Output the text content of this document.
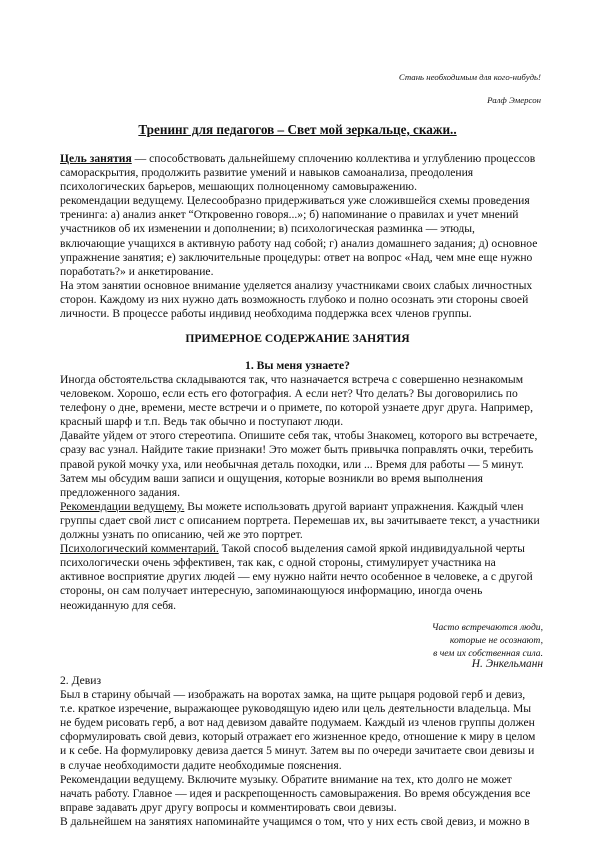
Стань необходимым для кого-нибудь!
Ралф Эмерсон
Тренинг для педагогов – Свет мой зеркальце, скажи..

Цель занятия — способствовать дальнейшему сплочению коллектива и углублению процессов самораскрытия, продолжить развитие умений и навыков самоанализа, преодоления психологических барьеров, мешающих полноценному самовыражению.

рекомендации ведущему. Целесообразно придерживаться уже сложившейся схемы проведения тренинга: а) анализ анкет “Откровенно говоря...»; б) напоминание о правилах и учет мнений участников об их изменении и дополнении; в) психологическая разминка — этюды, включающие учащихся в активную работу над собой; г) анализ домашнего задания; д) основное упражнение занятия; е) заключительные процедуры: ответ на вопрос «Над, чем мне еще нужно поработать?» и анкетирование.

На этом занятии основное внимание уделяется анализу участниками своих слабых личностных сторон. Каждому из них нужно дать возможность глубоко и полно осознать эти стороны своей личности. В процессе работы индивид необходима поддержка всех членов группы.

ПРИМЕРНОЕ СОДЕРЖАНИЕ ЗАНЯТИЯ
1. Вы меня узнаете?

Иногда обстоятельства складываются так, что назначается встреча с совершенно незнакомым человеком. Хорошо, если есть его фотография. А если нет? Что делать? Вы договорились по телефону о дне, времени, месте встречи и о примете, по которой узнаете друг друга. Например, красный шарф и т.п. Ведь так обычно и поступают люди.

Давайте уйдем от этого стереотипа. Опишите себя так, чтобы Знакомец, которого вы встречаете, сразу вас узнал. Найдите такие признаки! Это может быть привычка поправлять очки, теребить правой рукой мочку уха, или необычная деталь походки, или ... Время для работы — 5 минут. Затем мы обсудим ваши записи и ощущения, которые возникли во время выполнения предложенного задания.

Рекомендации ведущему. Вы можете использовать другой вариант упражнения. Каждый член группы сдает свой лист с описанием портрета. Перемешав их, вы зачитываете текст, а участники должны узнать по описанию, чей же это портрет.

Психологический комментарий. Такой способ выделения самой яркой индивидуальной черты психологически очень эффективен, так как, с одной стороны, стимулирует участника на активное восприятие других людей — ему нужно найти нечто особенное в человеке, а с другой стороны, он сам получает интересную, запоминающуюся информацию, иногда очень неожиданную для себя.

Часто встречаются люди,
которые не осознают,
в чем их собственная сила.
Н. Энкельманн

2. Девиз

Был в старину обычай — изображать на воротах замка, на щите рыцаря родовой герб и девиз, т.е. краткое изречение, выражающее руководящую идею или цель деятельности владельца. Мы не будем рисовать герб, а вот над девизом давайте подумаем. Каждый из членов группы должен сформулировать свой девиз, который отражает его жизненное кредо, отношение к миру в целом и к себе. На формулировку девиза дается 5 минут. Затем вы по очереди зачитаете свои девизы и в случае необходимости дадите необходимые пояснения.

Рекомендации ведущему. Включите музыку. Обратите внимание на тех, кто долго не может начать работу. Главное — идея и раскрепощенность самовыражения. Во время обсуждения все вправе задавать друг другу вопросы и комментировать свои девизы.

В дальнейшем на занятиях напоминайте учащимся о том, что у них есть свой девиз, и можно в
